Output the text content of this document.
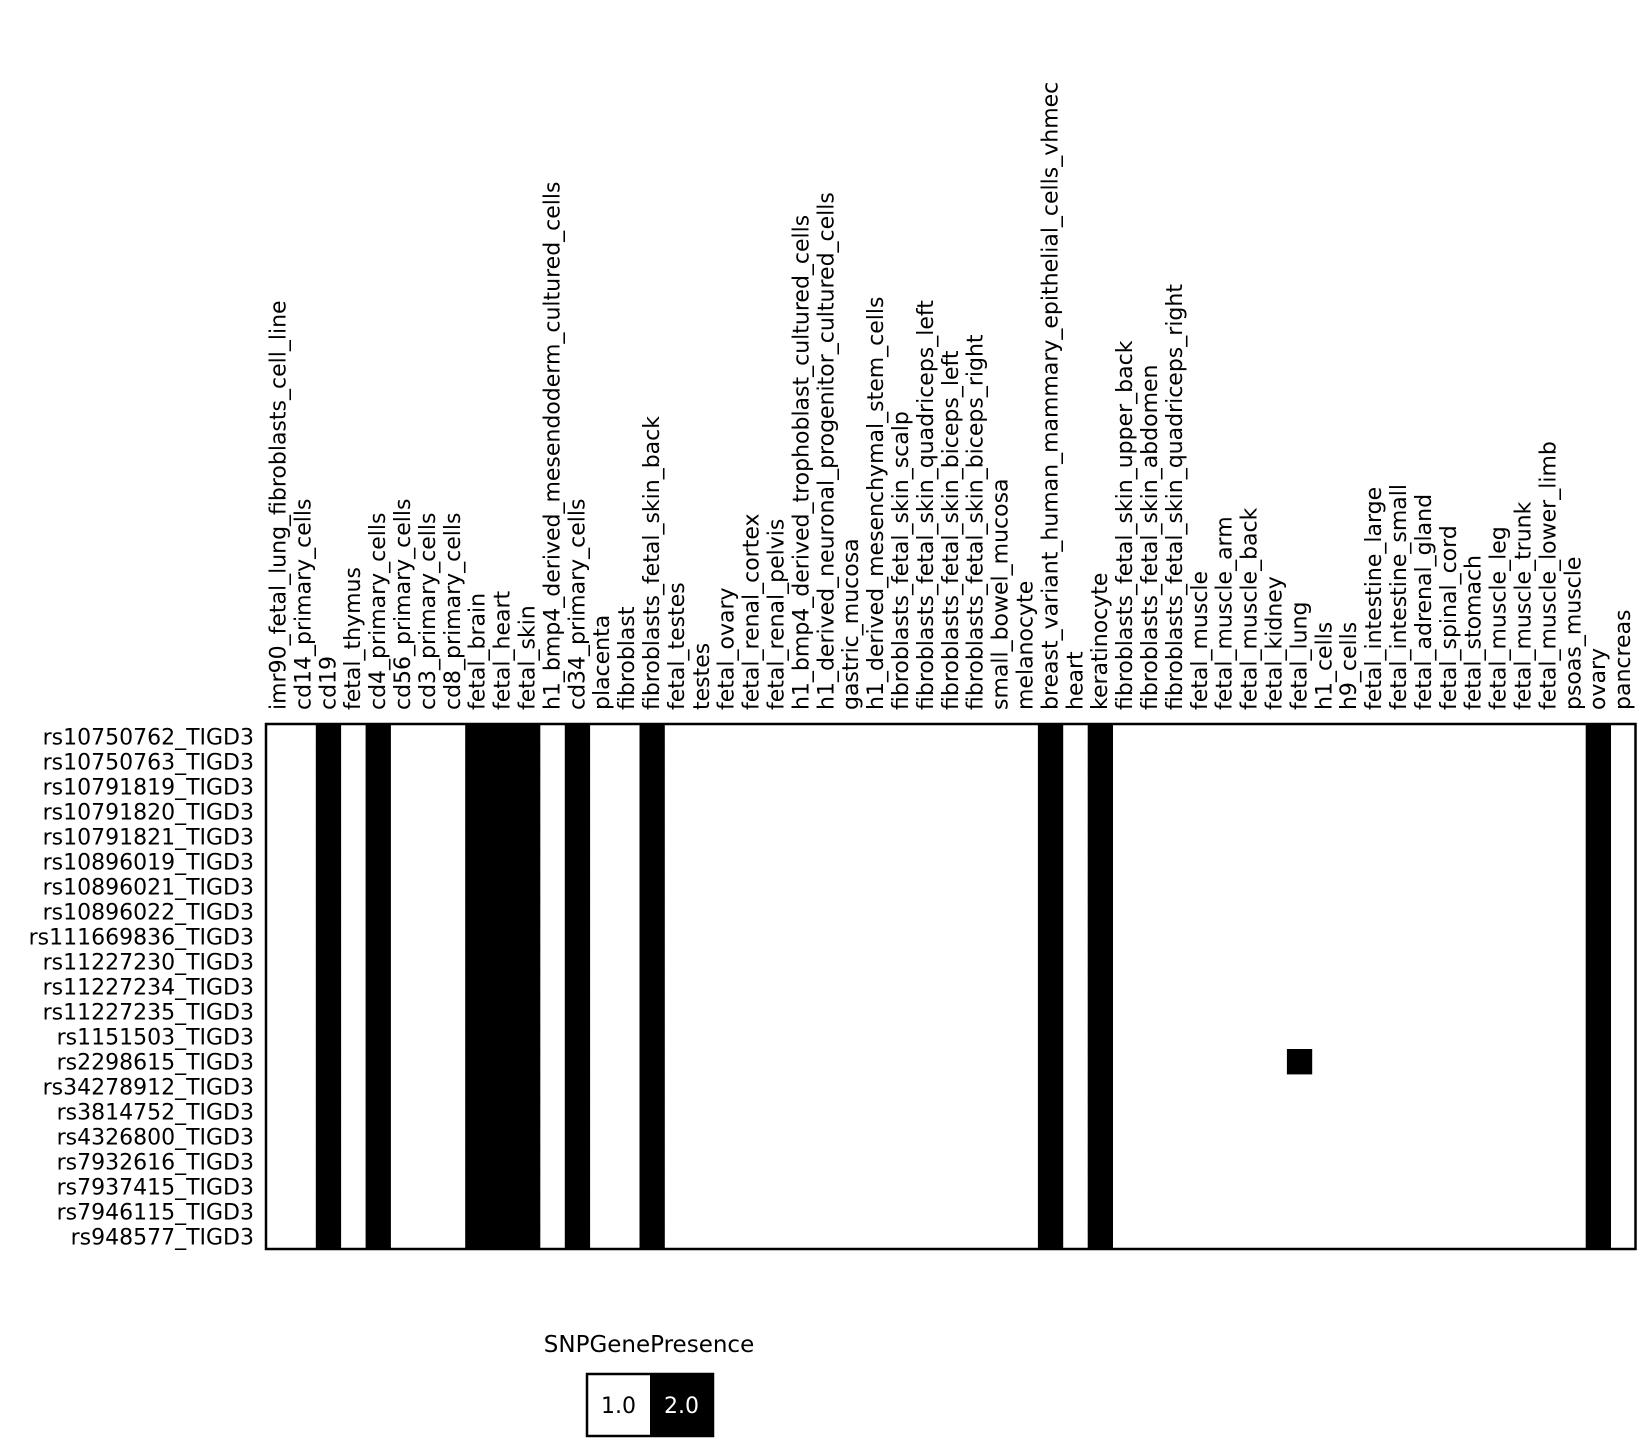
imr90_fetal_lung_fibroblasts_cell_line cd14_primary_cells cd19 fetal_thymus cd4_primary_cells cd56_primary_cells cd3_primary_cells cd8_primary_cells fetal_brain fetal_heart fetal_skin h1_bmp4_derived_mesendoderm_cultured_cells cd34_primary_cells placenta fibroblast fibroblasts_fetal_skin_back fetal_testes testes fetal_ovary fetal_renal_cortex fetal_renal_pelvis h1_bmp4_derived_trophoblast_cultured_cells h1_derived_neuronal_progenitor_cultured_cells gastric_mucosa h1_derived_mesenchymal_stem_cells fibroblasts_fetal_skin_scalp fibroblasts_fetal_skin_quadriceps_left fibroblasts_fetal_skin_biceps_left fibroblasts_fetal_skin_biceps_right small_bowel_mucosa melanocyte breast_variant_human_mammary_epithelial_cells_vhmec heart keratinocyte fibroblasts_fetal_skin_upper_back fibroblasts_fetal_skin_abdomen fibroblasts_fetal_skin_quadriceps_right fetal_muscle fetal_muscle_arm fetal_muscle_back fetal_kidney fetal_lung h1_cells h9_cells fetal_intestine_large fetal_intestine_small fetal_adrenal_gland fetal_spinal_cord fetal_stomach fetal_muscle_leg fetal_muscle_trunk fetal_muscle_lower_limb psoas_muscle ovary pancreas
rs10750762_TIGD3
rs10750763_TIGD3
rs10791819_TIGD3
rs10791820_TIGD3
rs10791821_TIGD3
rs10896019_TIGD3
rs10896021_TIGD3
rs10896022_TIGD3
rs111669836_TIGD3
rs11227230_TIGD3
rs11227234_TIGD3
rs11227235_TIGD3
rs1151503_TIGD3
rs2298615_TIGD3
rs34278912_TIGD3
rs3814752_TIGD3
rs4326800_TIGD3
rs7932616_TIGD3
rs7937415_TIGD3
rs7946115_TIGD3
rs948577_TIGD3
SNPGenePresence
1.0 2.0
